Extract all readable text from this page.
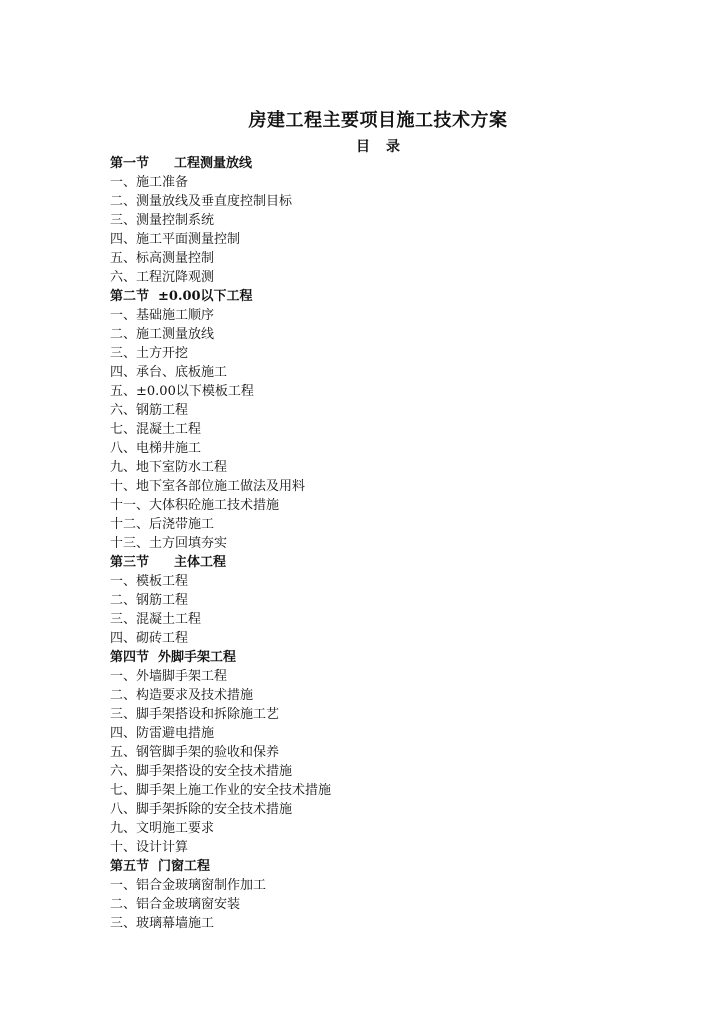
房建工程主要项目施工技术方案
目 录
第一节 工程测量放线
一、施工准备
二、测量放线及垂直度控制目标
三、测量控制系统
四、施工平面测量控制
五、标高测量控制
六、工程沉降观测
第二节 ±0.00以下工程
一、基础施工顺序
二、施工测量放线
三、土方开挖
四、承台、底板施工
五、±0.00以下模板工程
六、钢筋工程
七、混凝土工程
八、电梯井施工
九、地下室防水工程
十、地下室各部位施工做法及用料
十一、大体积砼施工技术措施
十二、后浇带施工
十三、土方回填夯实
第三节 主体工程
一、模板工程
二、钢筋工程
三、混凝土工程
四、砌砖工程
第四节 外脚手架工程
一、外墙脚手架工程
二、构造要求及技术措施
三、脚手架搭设和拆除施工艺
四、防雷避电措施
五、钢管脚手架的验收和保养
六、脚手架搭设的安全技术措施
七、脚手架上施工作业的安全技术措施
八、脚手架拆除的安全技术措施
九、文明施工要求
十、设计计算
第五节 门窗工程
一、铝合金玻璃窗制作加工
二、铝合金玻璃窗安装
三、玻璃幕墙施工
